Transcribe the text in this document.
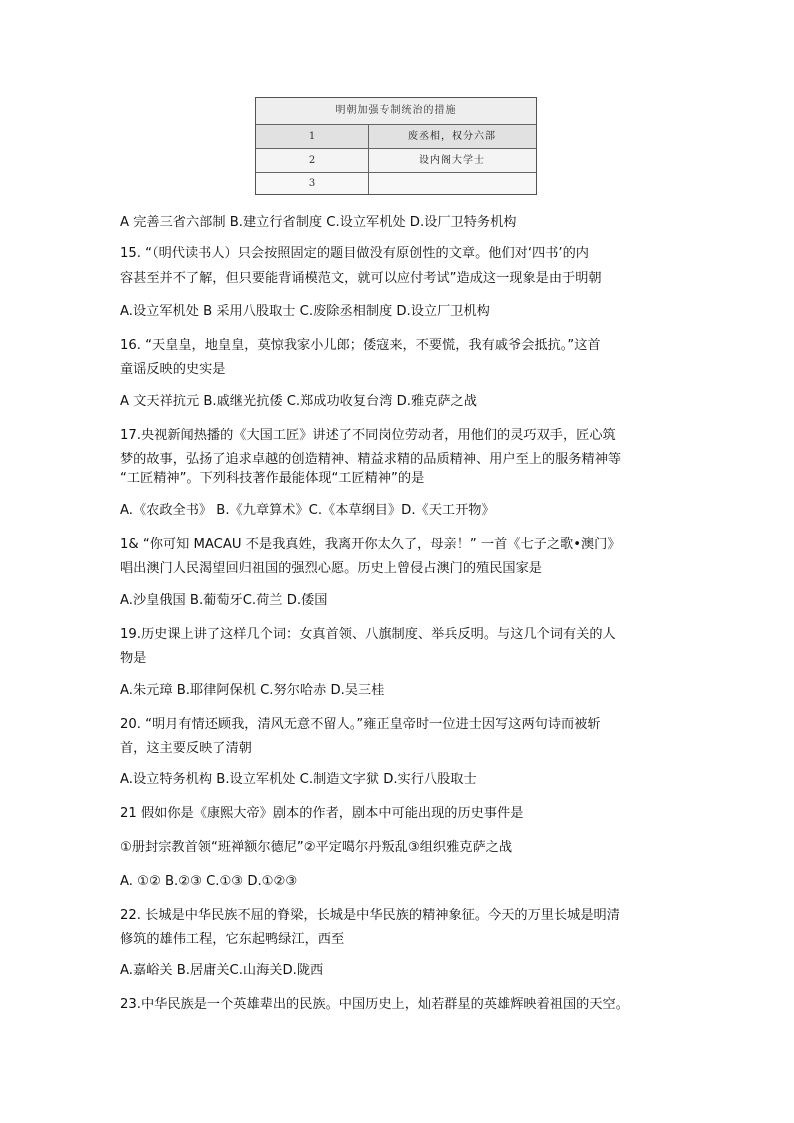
明朝加强专制统治的措施
1	废丞相，权分六部
2	设内阁大学士
3
A 完善三省六部制 B.建立行省制度 C.设立军机处 D.设厂卫特务机构
15. “（明代读书人）只会按照固定的题目做没有原创性的文章。他们对‘四书’的内
容甚至并不了解，但只要能背诵模范文，就可以应付考试”造成这一现象是由于明朝
A.设立军机处 B 采用八股取士 C.废除丞相制度 D.设立厂卫机构
16. “天皇皇，地皇皇，莫惊我家小儿郎；倭寇来，不要慌，我有戚爷会抵抗。”这首
童谣反映的史实是
A 文天祥抗元 B.戚继光抗倭 C.郑成功收复台湾 D.雅克萨之战
17.央视新闻热播的《大国工匠》讲述了不同岗位劳动者，用他们的灵巧双手，匠心筑
梦的故事，弘扬了追求卓越的创造精神、精益求精的品质精神、用户至上的服务精神等
“工匠精神”。下列科技著作最能体现“工匠精神”的是
A.《农政全书》 B.《九章算术》C.《本草纲目》D.《天工开物》
1& “你可知 MACAU 不是我真姓，我离开你太久了，母亲！” 一首《七子之歌•澳门》
唱出澳门人民渴望回归祖国的强烈心愿。历史上曾侵占澳门的殖民国家是
A.沙皇俄国 B.葡萄牙C.荷兰 D.倭国
19.历史课上讲了这样几个词：女真首领、八旗制度、举兵反明。与这几个词有关的人
物是
A.朱元璋 B.耶律阿保机 C.努尔哈赤 D.吴三桂
20. “明月有情还顾我，清风无意不留人。”雍正皇帝时一位进士因写这两句诗而被斩
首，这主要反映了清朝
A.设立特务机构 B.设立军机处 C.制造文字狱 D.实行八股取士
21 假如你是《康熙大帝》剧本的作者，剧本中可能出现的历史事件是
①册封宗教首领“班禅额尔德尼”②平定噶尔丹叛乱③组织雅克萨之战
A. ①② B.②③ C.①③ D.①②③
22. 长城是中华民族不屈的脊梁，长城是中华民族的精神象征。今天的万里长城是明清
修筑的雄伟工程，它东起鸭绿江，西至
A.嘉峪关 B.居庸关C.山海关D.陇西
23.中华民族是一个英雄辈出的民族。中国历史上，灿若群星的英雄辉映着祖国的天空。
